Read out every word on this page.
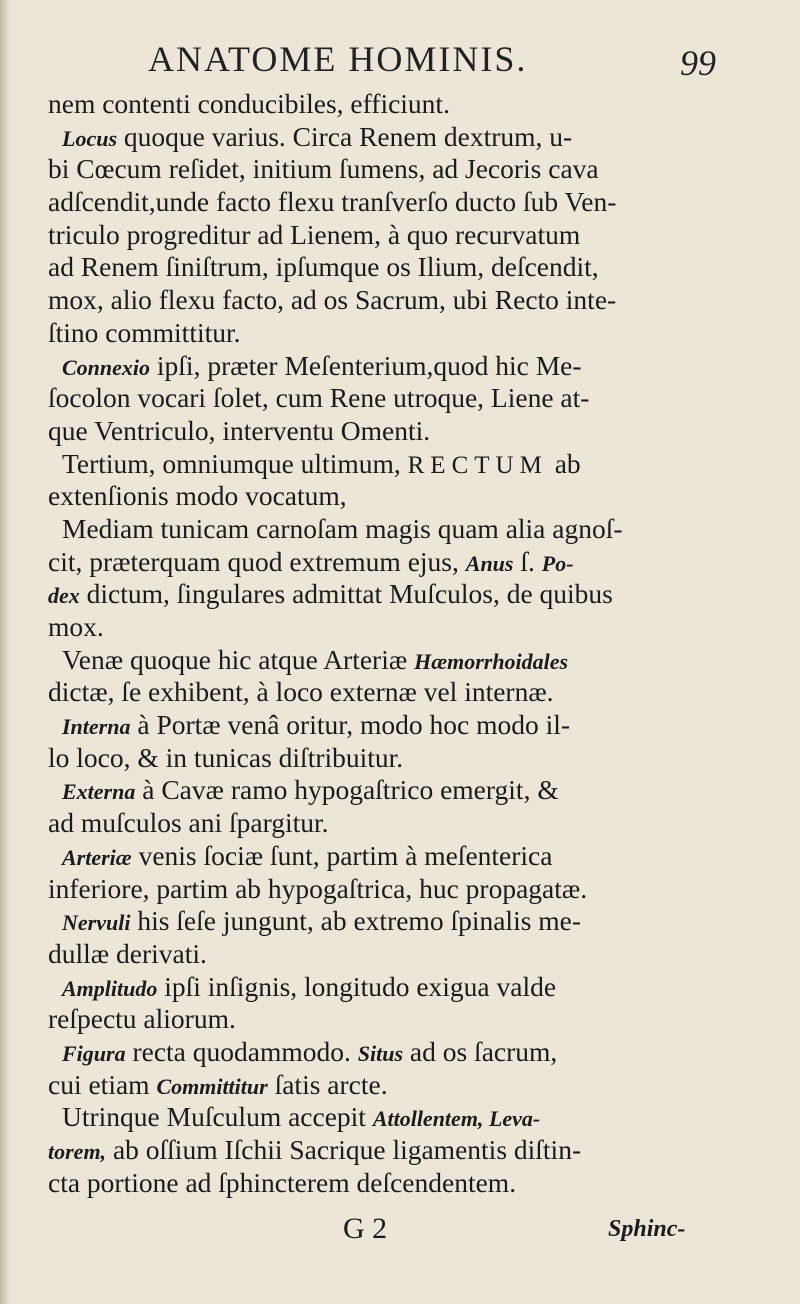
ANATOME HOMINIS.	99
nem contenti conducibiles, efficiunt.
Locus quoque varius. Circa Renem dextrum, u-
bi Cœcum reſidet, initium ſumens, ad Jecoris cava
adſcendit,unde facto flexu tranſverſo ducto ſub Ven-
triculo progreditur ad Lienem, à quo recurvatum
ad Renem ſiniſtrum, ipſumque os Ilium, deſcendit,
mox, alio flexu facto, ad os Sacrum, ubi Recto inte-
ſtino committitur.
Connexio ipſi, præter Meſenterium,quod hic Me-
ſocolon vocari ſolet, cum Rene utroque, Liene at-
que Ventriculo, interventu Omenti.
Tertium, omniumque ultimum, RECTUM ab
extenſionis modo vocatum,
Mediam tunicam carnoſam magis quam alia agnoſ-
cit, præterquam quod extremum ejus, Anus ſ. Po-
dex dictum, ſingulares admittat Muſculos, de quibus
mox.
Venæ quoque hic atque Arteriæ Hæmorrhoidales
dictæ, ſe exhibent, à loco externæ vel internæ.
Interna à Portæ venâ oritur, modo hoc modo il-
lo loco, & in tunicas diſtribuitur.
Externa à Cavæ ramo hypogaſtrico emergit, &
ad muſculos ani ſpargitur.
Arteriæ venis ſociæ ſunt, partim à meſenterica
inferiore, partim ab hypogaſtrica, huc propagatæ.
Nervuli his ſeſe jungunt, ab extremo ſpinalis me-
dullæ derivati.
Amplitudo ipſi inſignis, longitudo exigua valde
reſpectu aliorum.
Figura recta quodammodo. Situs ad os ſacrum,
cui etiam Committitur ſatis arcte.
Utrinque Muſculum accepit Attollentem, Leva-
torem, ab oſſium Iſchii Sacrique ligamentis diſtin-
cta portione ad ſphincterem deſcendentem.
G 2	Sphinc-
